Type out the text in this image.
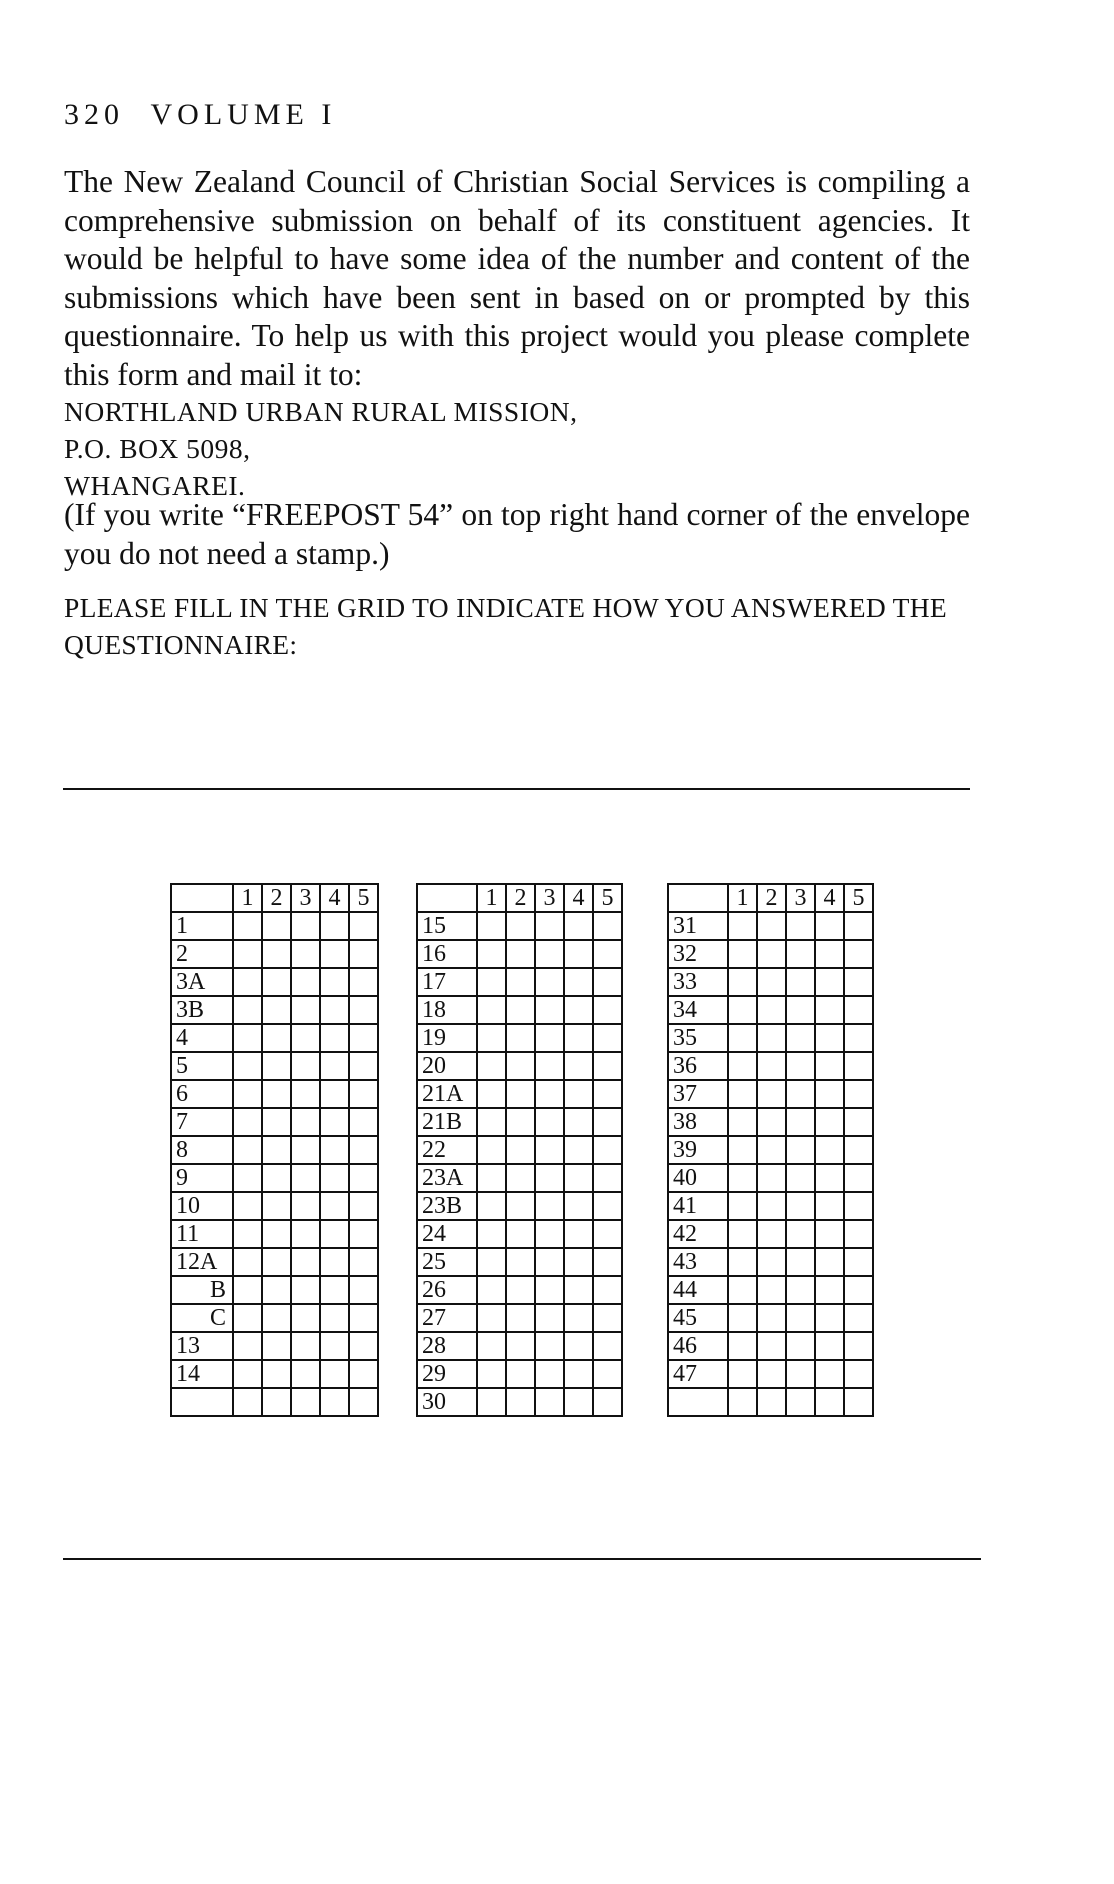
320 VOLUME I
The New Zealand Council of Christian Social Services is compiling a comprehensive submission on behalf of its constituent agencies. It would be helpful to have some idea of the number and content of the submissions which have been sent in based on or prompted by this questionnaire. To help us with this project would you please complete this form and mail it to:
NORTHLAND URBAN RURAL MISSION,
P.O. BOX 5098,
WHANGAREI.
(If you write “FREEPOST 54” on top right hand corner of the envelope you do not need a stamp.)
PLEASE FILL IN THE GRID TO INDICATE HOW YOU ANSWERED THE QUESTIONNAIRE:
	1	2	3	4	5
1					
2					
3A					
3B					
4					
5					
6					
7					
8					
9					
10					
11					
12A					
B					
C					
13					
14					

	1	2	3	4	5
15					
16					
17					
18					
19					
20					
21A					
21B					
22					
23A					
23B					
24					
25					
26					
27					
28					
29					
30					
	1	2	3	4	5
31					
32					
33					
34					
35					
36					
37					
38					
39					
40					
41					
42					
43					
44					
45					
46					
47					
